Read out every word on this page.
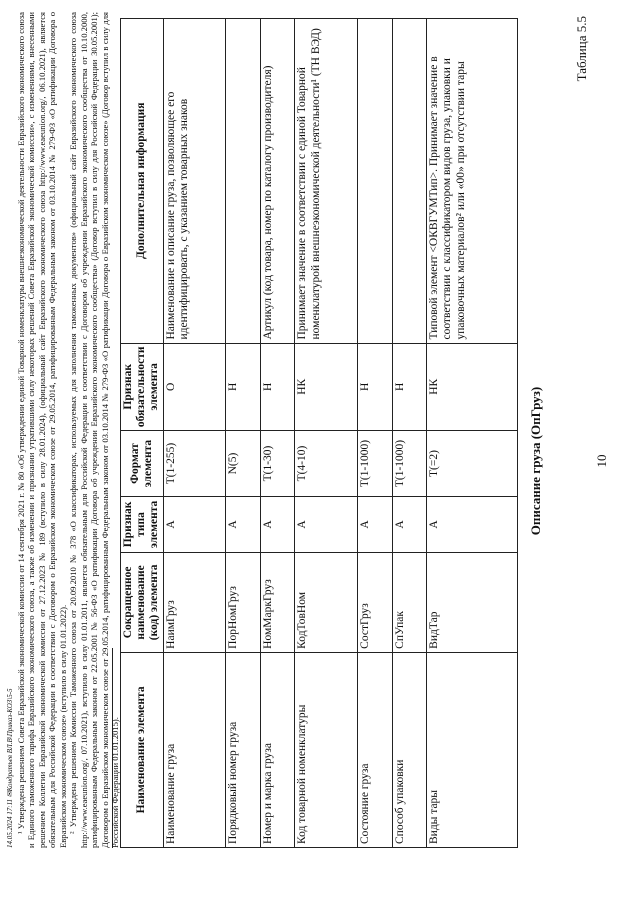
10
Таблица 5.5
Описание груза (ОпГруз)
Наименование элемента	Сокращенное наименование (код) элемента	Признак типа элемента	Формат элемента	Признак обязательности элемента	Дополнительная информация
Наименование груза	НаимГруз	А	T(1-255)	О	Наименование и описание груза, позволяющее его идентифицировать, с указанием товарных знаков
Порядковый номер груза	ПорНомГруз	А	N(5)	Н	
Номер и марка груза	НомМаркГруз	А	T(1-30)	Н	Артикул (код товара, номер по каталогу производителя)
Код товарной номенклатуры	КодТовНом	А	T(4-10)	НК	Принимает значение в соответствии с единой Товарной номенклатурой внешнеэкономической деятельности¹ (ТН ВЭД)
Состояние груза	СостГруз	А	T(1-1000)	Н	
Способ упаковки	СпУпак	А	T(1-1000)	Н	
Виды тары	ВидТар	А	T(=2)	НК	Типовой элемент <ОКВГУМТип>. Принимает значение в соответствии с классификатором видов груза, упаковки и упаковочных материалов² или «00» при отсутствии тары

¹ Утверждена решением Совета Евразийской экономической комиссии от 14 сентября 2021 г. № 80 «Об утверждении единой Товарной номенклатуры внешнеэкономической деятельности Евразийского экономического союза и Единого таможенного тарифа Евразийского экономического союза, а также об изменении и признании утратившими силу некоторых решений Совета Евразийской экономической комиссии», с изменениями, внесенными решением Коллегии Евразийской экономической комиссии от 27.12.2023 № 189 (вступило в силу 28.01.2024), (официальный сайт Евразийского экономического союза http://www.eaeunion.org/, 06.10.2021), является обязательным для Российской Федерации в соответствии с Договором о Евразийском экономическом союзе от 29.05.2014, ратифицированным Федеральным законом от 03.10.2014 № 279-ФЗ «О ратификации Договора о Евразийском экономическом союзе» (вступило в силу 01.01.2022). ² Утверждена решением Комиссии Таможенного союза от 20.09.2010 № 378 «О классификаторах, используемых для заполнения таможенных документов» (официальный сайт Евразийского экономического союза http://www.eaeunion.org/, 07.10.2021), вступило в силу 01.01.2011, является обязательным для Российской Федерации в соответствии с Договором об учреждении Евразийского экономического сообщества от 10.10.2000, ратифицированным Федеральным законом от 22.05.2001 № 56-ФЗ «О ратификации Договора об учреждении Евразийского экономического сообщества» (Договор вступил в силу для Российской Федерации 30.05.2001); Договором о Евразийском экономическом союзе от 29.05.2014, ратифицированным Федеральным законом от 03.10.2014 № 279-ФЗ «О ратификации Договора о Евразийском экономическом союзе» (Договор вступил в силу для Российской Федерации 01.01.2015).

14.05.2024 17:11 ✉Кондратьев ВЛ.В\Приказ-КОЗ\5-5
